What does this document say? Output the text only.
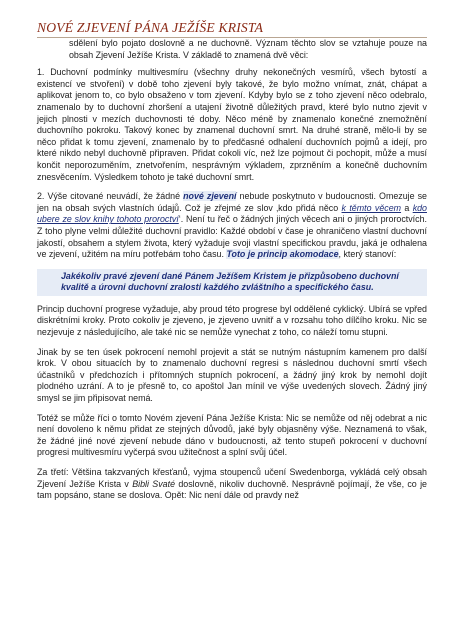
NOVÉ ZJEVENÍ PÁNA JEŽÍŠE KRISTA

sdělení bylo pojato doslovně a ne duchovně. Význam těchto slov se vztahuje pouze na obsah Zjevení Ježíše Krista. V základě to znamená dvě věci:

1. Duchovní podmínky multivesmíru (všechny druhy nekonečných vesmírů, všech bytostí a existencí ve stvoření) v době toho zjevení byly takové, že bylo možno vnímat, znát, chápat a aplikovat jenom to, co bylo obsaženo v tom zjevení. Kdyby bylo se z toho zjevení něco odebralo, znamenalo by to duchovní zhoršení a utajení životně důležitých pravd, které bylo nutno zjevit v jejich plnosti v mezích duchovnosti té doby. Něco méně by znamenalo konečné znemožnění duchovního pokroku. Takový konec by znamenal duchovní smrt. Na druhé straně, mělo-li by se něco přidat k tomu zjevení, znamenalo by to předčasné odhalení duchovních pojmů a idejí, pro které nikdo nebyl duchovně připraven. Přidat cokoli víc, než lze pojmout či pochopit, může a musí končit neporozuměním, znetvořením, nesprávným výkladem, zprzněním a konečně duchovním znesvěcením. Výsledkem tohoto je také duchovní smrt.

2. Výše citované neuvádí, že žádné nové zjevení nebude poskytnuto v budoucnosti. Omezuje se jen na obsah svých vlastních údajů. Což je zřejmé ze slov ‚kdo přidá něco k těmto věcem a kdo ubere ze slov knihy tohoto proroctví‘. Není tu řeč o žádných jiných věcech ani o jiných proroctvích. Z toho plyne velmi důležité duchovní pravidlo: Každé období v čase je ohraničeno vlastní duchovní jakostí, obsahem a stylem života, který vyžaduje svoji vlastní specifickou pravdu, jaká je odhalena ve zjevení, užitém na míru potřebám toho času. Toto je princip akomodace, který stanoví:

Jakékoliv pravé zjevení dané Pánem Ježíšem Kristem je přizpůsobeno duchovní kvalitě a úrovni duchovní zralosti každého zvláštního a specifického času.

Princip duchovní progrese vyžaduje, aby proud této progrese byl oddělené cyklický. Ubírá se vpřed diskrétními kroky. Proto cokoliv je zjeveno, je zjeveno uvnitř a v rozsahu toho dílčího kroku. Nic se nezjevuje z následujícího, ale také nic se nemůže vynechat z toho, co náleží tomu stupni.

Jinak by se ten úsek pokrocení nemohl projevit a stát se nutným nástupním kamenem pro další krok. V obou situacích by to znamenalo duchovní regresi s následnou duchovní smrtí všech účastníků v předchozích i přítomných stupních pokrocení, a žádný jiný krok by nemohl dojít plodného uzrání. A to je přesně to, co apoštol Jan mínil ve výše uvedených slovech. Žádný jiný smysl se jim připisovat nemá.

Totéž se může říci o tomto Novém zjevení Pána Ježíše Krista: Nic se nemůže od něj odebrat a nic není dovoleno k němu přidat ze stejných důvodů, jaké byly objasněny výše. Neznamená to však, že žádné jiné nové zjevení nebude dáno v budoucnosti, až tento stupeň pokrocení v duchovní progresi multivesmíru vyčerpá svou užitečnost a splní svůj účel.

Za třetí: Většina takzvaných křesťanů, vyjma stoupenců učení Swedenborga, vykládá celý obsah Zjevení Ježíše Krista v Bibli Svaté doslovně, nikoliv duchovně. Nesprávně pojímají, že vše, co je tam popsáno, stane se doslova. Opět: Nic není dále od pravdy než
